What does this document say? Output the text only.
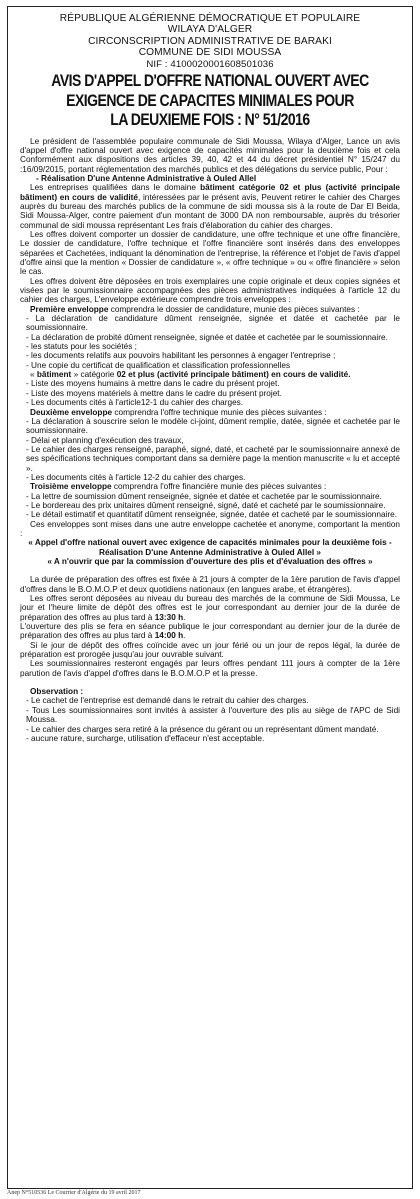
RÉPUBLIQUE ALGÉRIENNE DÉMOCRATIQUE ET POPULAIRE

WILAYA D'ALGER

CIRCONSCRIPTION ADMINISTRATIVE DE BARAKI

COMMUNE DE SIDI MOUSSA

NIF : 4100020001608501036

AVIS D'APPEL D'OFFRE NATIONAL OUVERT AVEC
EXIGENCE DE CAPACITES MINIMALES POUR
LA DEUXIEME FOIS : N° 51/2016

Le président de l'assemblée populaire communale de Sidi Moussa, Wilaya d'Alger, Lance un avis d'appel d'offre national ouvert avec exigence de capacités minimales pour la deuxième fois et cela Conformément aux dispositions des articles 39, 40, 42 et 44 du décret présidentiel N° 15/247 du :16/09/2015, portant réglementation des marchés publics et des délégations du service public, Pour :

- Réalisation D'une Antenne Administrative à Ouled Allel

Les entreprises qualifiées dans le domaine bâtiment catégorie 02 et plus (activité principale bâtiment) en cours de validité, intéressées par le présent avis, Peuvent retirer le cahier des Charges auprès du bureau des marchés publics de la commune de sidi moussa sis à la route de Dar El Beida, Sidi Moussa-Alger, contre paiement d'un montant de 3000 DA non remboursable, auprès du trésorier communal de sidi moussa représentant Les frais d'élaboration du cahier des charges.

Les offres doivent comporter un dossier de candidature, une offre technique et une offre financière, Le dossier de candidature, l'offre technique et l'offre financière sont insérés dans des enveloppes séparées et Cachetées, indiquant la dénomination de l'entreprise, la référence et l'objet de l'avis d'appel d'offre ainsi que la mention « Dossier de candidature », « offre technique » ou « offre financière » selon le cas.

Les offres doivent être déposées en trois exemplaires une copie originale et deux copies signées et visées par le soumissionnaire accompagnées des pièces administratives indiquées à l'article 12 du cahier des charges, L'enveloppe extérieure comprendre trois enveloppes :

Première enveloppe comprendra le dossier de candidature, munie des pièces suivantes :

- La déclaration de candidature dûment renseignée, signée et datée et cachetée par le soumissionnaire.

- La déclaration de probité dûment renseignée, signée et datée et cachetée par le soumissionnaire.

- les statuts pour les sociétés ;

- les documents relatifs aux pouvoirs habilitant les personnes à engager l'entreprise ;

- Une copie du certificat de qualification et classification professionnelles

« bâtiment » catégorie 02 et plus (activité principale bâtiment) en cours de validité.

- Liste des moyens humains à mettre dans le cadre du présent projet.

- Liste des moyens matériels à mettre dans le cadre du présent projet.

- Les documents cités à l'article12-1 du cahier des charges.

Deuxième enveloppe comprendra l'offre technique munie des pièces suivantes :

- La déclaration à souscrire selon le modèle ci-joint, dûment remplie, datée, signée et cachetée par le soumissionnaire.

- Délai et planning d'exécution des travaux,

- Le cahier des charges renseigné, paraphé, signé, daté, et cacheté par le soumissionnaire annexé de ses spécifications techniques comportant dans sa dernière page la mention manuscrite « lu et accepté ».

- Les documents cités à l'article 12-2 du cahier des charges.

Troisième enveloppe comprendra l'offre financière munie des pièces suivantes :

- La lettre de soumission dûment renseignée, signée et datée et cachetée par le soumissionnaire.

- Le bordereau des prix unitaires dûment renseigné, signé, daté et cacheté par le soumissionnaire.

- Le détail estimatif et quantitatif dûment renseignée, signée, datée et cacheté par le soumissionnaire.

Ces enveloppes sont mises dans une autre enveloppe cachetée et anonyme, comportant la mention :

« Appel d'offre national ouvert avec exigence de capacités minimales pour la deuxième fois -

Réalisation D'une Antenne Administrative à Ouled Allel »

« A n'ouvrir que par la commission d'ouverture des plis et d'évaluation des offres »

La durée de préparation des offres est fixée à 21 jours à compter de la 1ère parution de l'avis d'appel d'offres dans le B.O.M.O.P et deux quotidiens nationaux (en langues arabe, et étrangères).

Les offres seront déposées au niveau du bureau des marchés de la commune de Sidi Moussa, Le jour et l'heure limite de dépôt des offres est le jour correspondant au dernier jour de la durée de préparation des offres au plus tard à 13:30 h.

L'ouverture des plis se fera en séance publique le jour correspondant au dernier jour de la durée de préparation des offres au plus tard à 14:00 h.

Si le jour de dépôt des offres coïncide avec un jour férié ou un jour de repos légal, la durée de préparation est prorogée jusqu'au jour ouvrable suivant.

Les soumissionnaires resteront engagés par leurs offres pendant 111 jours à compter de la 1ère parution de l'avis d'appel d'offres dans le B.O.M.O.P et la presse.

Observation :

- Le cachet de l'entreprise est demandé dans le retrait du cahier des charges.

- Tous Les soumissionnaires sont invités à assister à l'ouverture des plis au siège de l'APC de Sidi Moussa.

- Le cahier des charges sera retiré à la présence du gérant ou un représentant dûment mandaté.

- aucune rature, surcharge, utilisation d'effaceur n'est acceptable.

Anep N°510536 Le Courrier d'Algérie du 19 avril 2017
